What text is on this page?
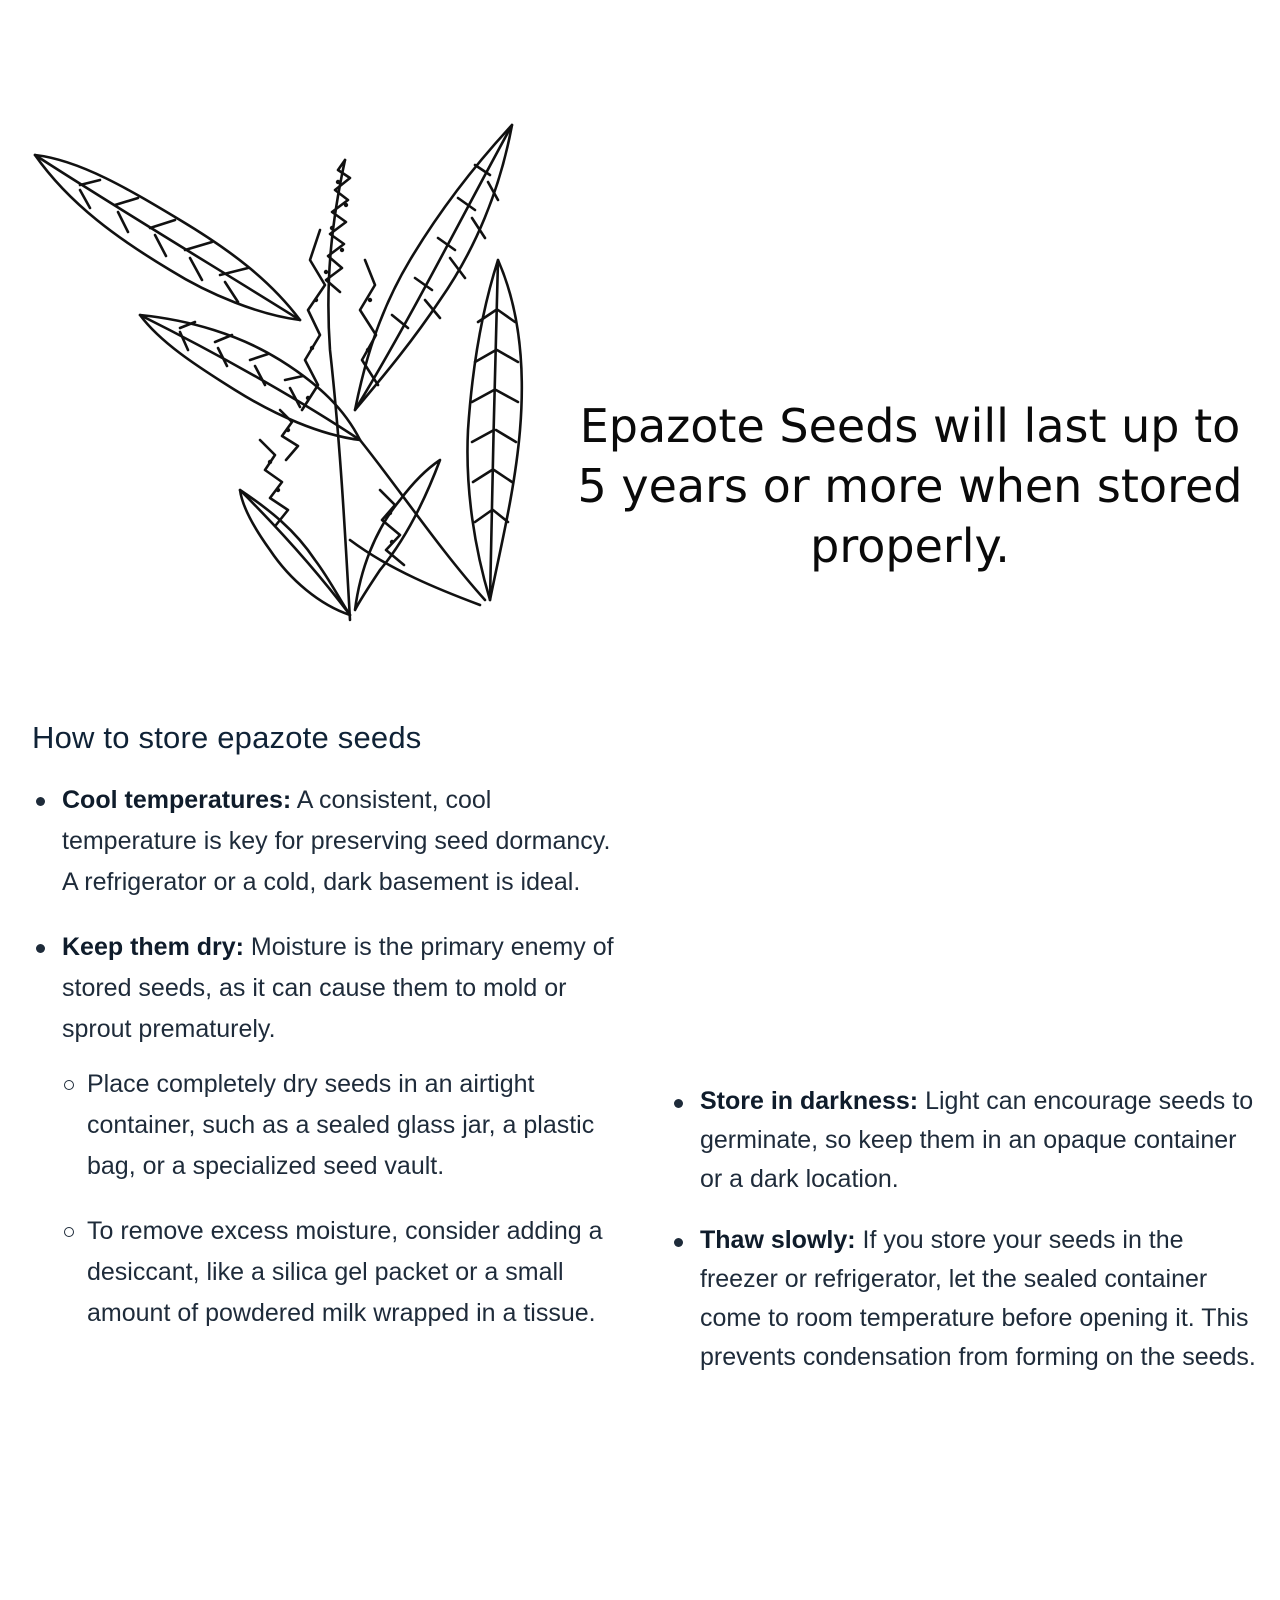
Epazote Seeds will last up to 5 years or more when stored properly.
How to store epazote seeds
Cool temperatures: A consistent, cool temperature is key for preserving seed dormancy. A refrigerator or a cold, dark basement is ideal.
Keep them dry: Moisture is the primary enemy of stored seeds, as it can cause them to mold or sprout prematurely.
Place completely dry seeds in an airtight container, such as a sealed glass jar, a plastic bag, or a specialized seed vault.
To remove excess moisture, consider adding a desiccant, like a silica gel packet or a small amount of powdered milk wrapped in a tissue.
Store in darkness: Light can encourage seeds to germinate, so keep them in an opaque container or a dark location.
Thaw slowly: If you store your seeds in the freezer or refrigerator, let the sealed container come to room temperature before opening it. This prevents condensation from forming on the seeds.
